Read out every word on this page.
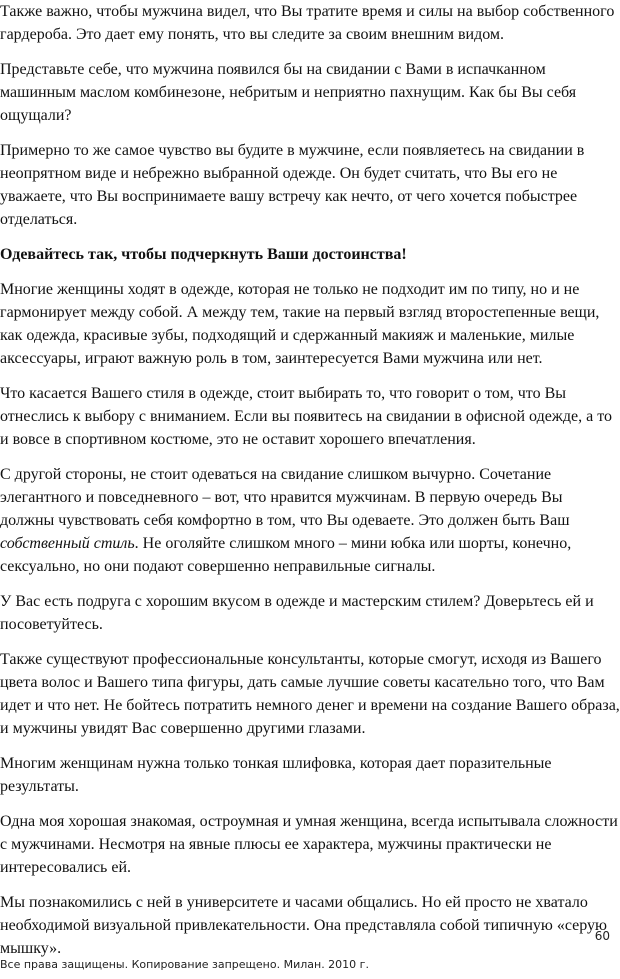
Также важно, чтобы мужчина видел, что Вы тратите время и силы на выбор собственного гардероба. Это дает ему понять, что вы следите за своим внешним видом.

Представьте себе, что мужчина появился бы на свидании с Вами в испачканном машинным маслом комбинезоне, небритым и неприятно пахнущим. Как бы Вы себя ощущали?

Примерно то же самое чувство вы будите в мужчине, если появляетесь на свидании в неопрятном виде и небрежно выбранной одежде. Он будет считать, что Вы его не уважаете, что Вы воспринимаете вашу встречу как нечто, от чего хочется побыстрее отделаться.

Одевайтесь так, чтобы подчеркнуть Ваши достоинства!

Многие женщины ходят в одежде, которая не только не подходит им по типу, но и не гармонирует между собой. А между тем, такие на первый взгляд второстепенные вещи, как одежда, красивые зубы, подходящий и сдержанный макияж и маленькие, милые аксессуары, играют важную роль в том, заинтересуется Вами мужчина или нет.

Что касается Вашего стиля в одежде, стоит выбирать то, что говорит о том, что Вы отнеслись к выбору с вниманием. Если вы появитесь на свидании в офисной одежде, а то и вовсе в спортивном костюме, это не оставит хорошего впечатления.

С другой стороны, не стоит одеваться на свидание слишком вычурно. Сочетание элегантного и повседневного – вот, что нравится мужчинам. В первую очередь Вы должны чувствовать себя комфортно в том, что Вы одеваете. Это должен быть Ваш собственный стиль. Не оголяйте слишком много – мини юбка или шорты, конечно, сексуально, но они подают совершенно неправильные сигналы.

У Вас есть подруга с хорошим вкусом в одежде и мастерским стилем? Доверьтесь ей и посоветуйтесь.

Также существуют профессиональные консультанты, которые смогут, исходя из Вашего цвета волос и Вашего типа фигуры, дать самые лучшие советы касательно того, что Вам идет и что нет. Не бойтесь потратить немного денег и времени на создание Вашего образа, и мужчины увидят Вас совершенно другими глазами.

Многим женщинам нужна только тонкая шлифовка, которая дает поразительные результаты.

Одна моя хорошая знакомая, остроумная и умная женщина, всегда испытывала сложности с мужчинами. Несмотря на явные плюсы ее характера, мужчины практически не интересовались ей.

Мы познакомились с ней в университете и часами общались. Но ей просто не хватало необходимой визуальной привлекательности. Она представляла собой типичную «серую мышку».

60
Все права защищены. Копирование запрещено. Милан. 2010 г.
